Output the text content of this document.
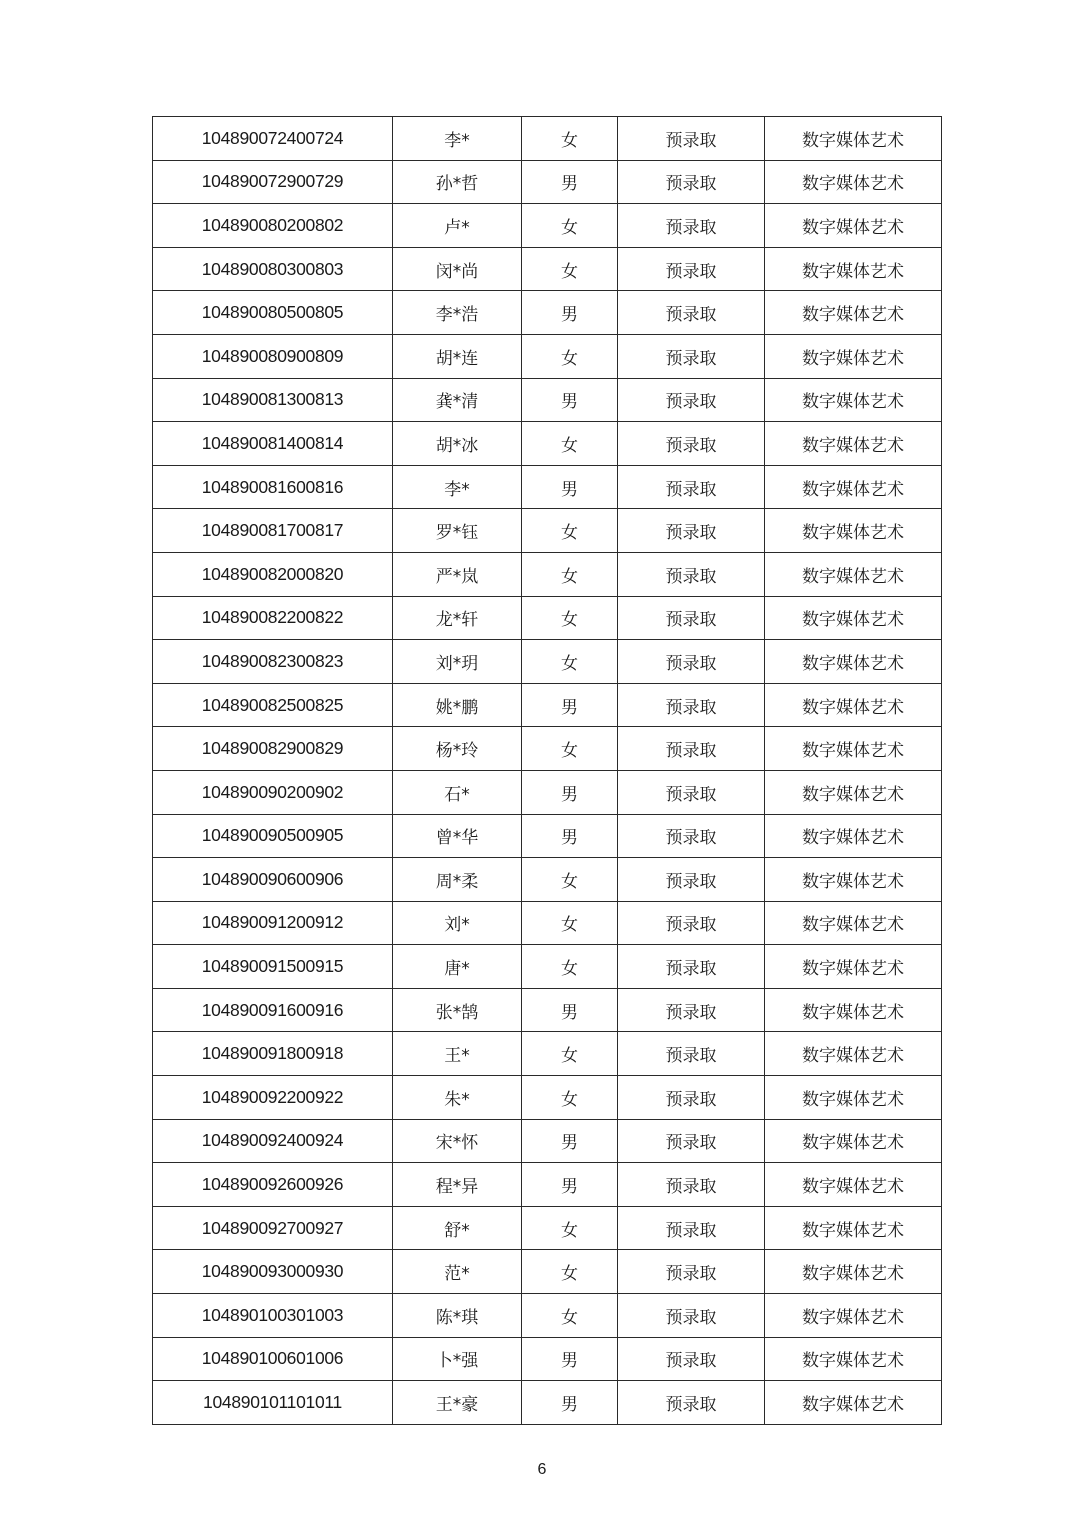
104890072400724	李*	女	预录取	数字媒体艺术
104890072900729	孙*哲	男	预录取	数字媒体艺术
104890080200802	卢*	女	预录取	数字媒体艺术
104890080300803	闵*尚	女	预录取	数字媒体艺术
104890080500805	李*浩	男	预录取	数字媒体艺术
104890080900809	胡*连	女	预录取	数字媒体艺术
104890081300813	龚*清	男	预录取	数字媒体艺术
104890081400814	胡*冰	女	预录取	数字媒体艺术
104890081600816	李*	男	预录取	数字媒体艺术
104890081700817	罗*钰	女	预录取	数字媒体艺术
104890082000820	严*岚	女	预录取	数字媒体艺术
104890082200822	龙*轩	女	预录取	数字媒体艺术
104890082300823	刘*玥	女	预录取	数字媒体艺术
104890082500825	姚*鹏	男	预录取	数字媒体艺术
104890082900829	杨*玲	女	预录取	数字媒体艺术
104890090200902	石*	男	预录取	数字媒体艺术
104890090500905	曾*华	男	预录取	数字媒体艺术
104890090600906	周*柔	女	预录取	数字媒体艺术
104890091200912	刘*	女	预录取	数字媒体艺术
104890091500915	唐*	女	预录取	数字媒体艺术
104890091600916	张*鹄	男	预录取	数字媒体艺术
104890091800918	王*	女	预录取	数字媒体艺术
104890092200922	朱*	女	预录取	数字媒体艺术
104890092400924	宋*怀	男	预录取	数字媒体艺术
104890092600926	程*异	男	预录取	数字媒体艺术
104890092700927	舒*	女	预录取	数字媒体艺术
104890093000930	范*	女	预录取	数字媒体艺术
104890100301003	陈*琪	女	预录取	数字媒体艺术
104890100601006	卜*强	男	预录取	数字媒体艺术
104890101101011	王*豪	男	预录取	数字媒体艺术
6
